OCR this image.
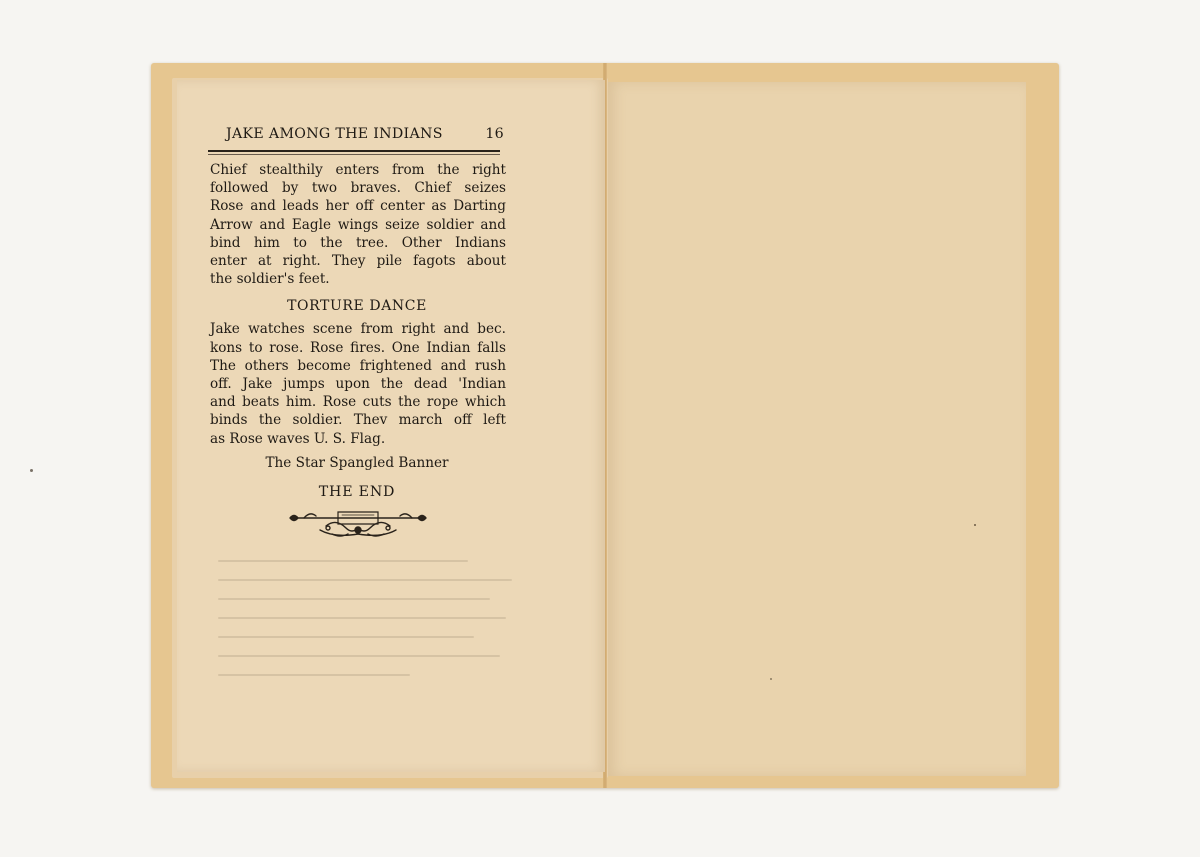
JAKE AMONG THE INDIANS	16
Chief stealthily enters from the right
followed by two braves. Chief seizes
Rose and leads her off center as Darting
Arrow and Eagle wings seize soldier and
bind him to the tree. Other Indians
enter at right. They pile fagots about
the soldier's feet.
TORTURE DANCE
Jake watches scene from right and bec.
kons to rose. Rose fires. One Indian falls
The others become frightened and rush
off. Jake jumps upon the dead 'Indian
and beats him. Rose cuts the rope which
binds the soldier. Thev march off left
as Rose waves U. S. Flag.
The Star Spangled Banner
THE END
